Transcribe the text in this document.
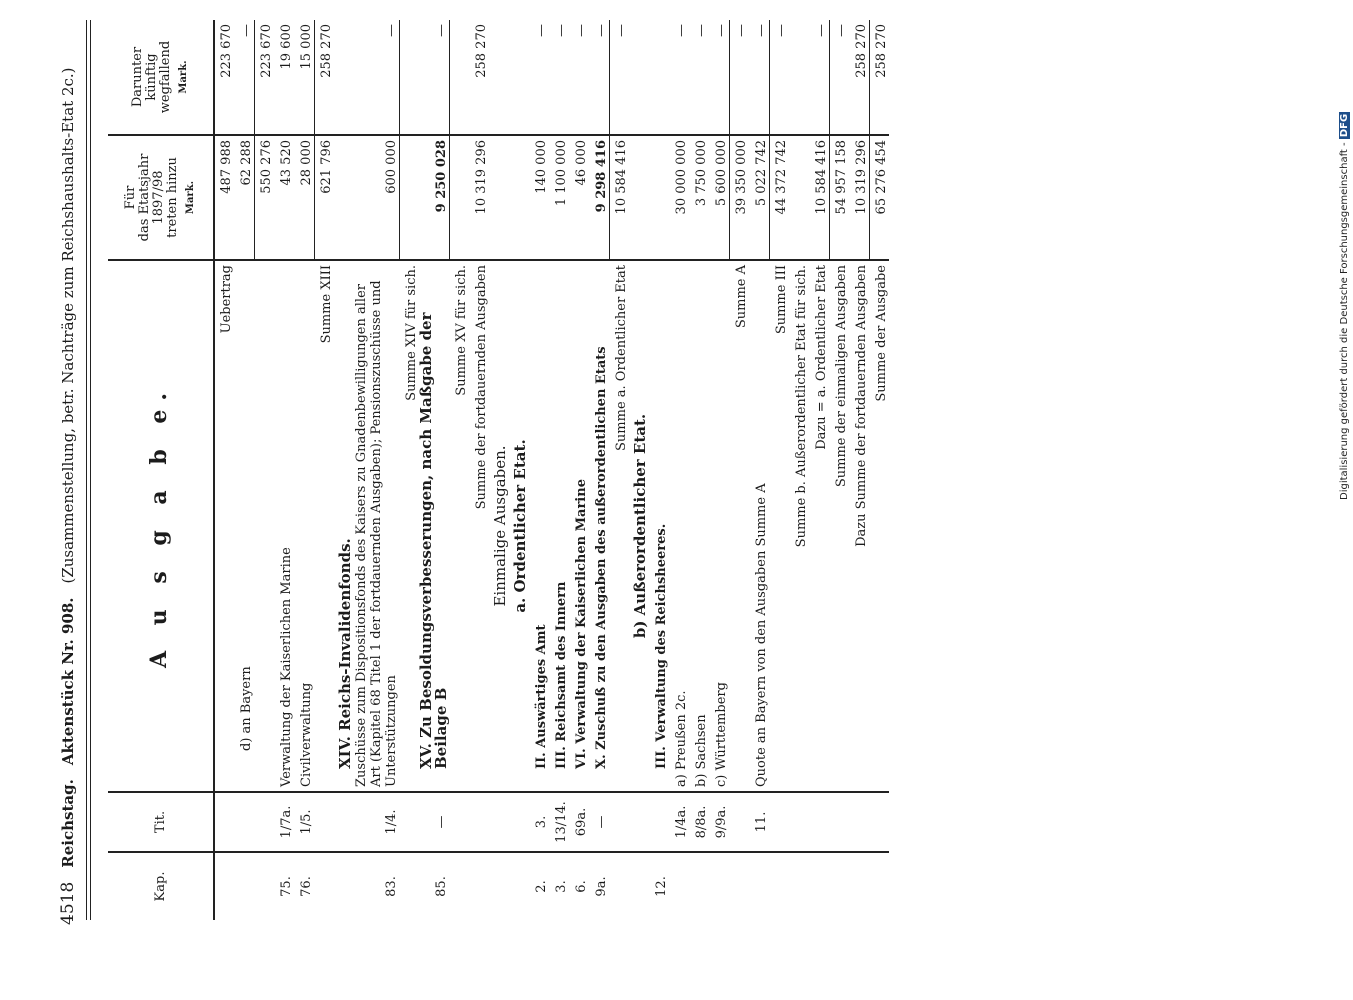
4518
Reichstag.
Aktenstück Nr. 908.
(Zusammenstellung, betr. Nachträge zum Reichshaushalts-Etat 2c.)
Kap.	Tit.	A u s g a b e.	Für
das Etatsjahr
1897/98
treten hinzu Mark.	Darunter
künftig
wegfallend Mark.

		Uebertrag	487 988	223 670
		d) an Bayern	62 288	—
			550 276	223 670
75.	1/7a.	Verwaltung der Kaiserlichen Marine	43 520	19 600
76.	1/5.	Civilverwaltung	28 000	15 000
		Summe XIII	621 796	258 270
		XIV. Reichs-Invalidenfonds.		
83.	1/4.	Zuschüsse zum Dispositionsfonds des Kaisers zu Gnadenbewilligungen aller Art (Kapitel 68 Titel 1 der fortdauernden Ausgaben); Pensionszuschüsse und Unterstützungen	600 000	—
		Summe XIV für sich.		
85.	—	XV. Zu Besoldungsverbesserungen, nach Maßgabe der Beilage B	9 250 028	—
		Summe XV für sich.		
		Summe der fortdauernden Ausgaben	10 319 296	258 270
		Einmalige Ausgaben.		
		a. Ordentlicher Etat.		
2.	3.	II. Auswärtiges Amt	140 000	—
3.	13/14.	III. Reichsamt des Innern	1 100 000	—
6.	69a.	VI. Verwaltung der Kaiserlichen Marine	46 000	—
9a.	—	X. Zuschuß zu den Ausgaben des außerordentlichen Etats	9 298 416	—
		Summe a. Ordentlicher Etat	10 584 416	—
		b) Außerordentlicher Etat.		
12.		III. Verwaltung des Reichsheeres.		
	1/4a.	a) Preußen 2c.	30 000 000	—
	8/8a.	b) Sachsen	3 750 000	—
	9/9a.	c) Württemberg	5 600 000	—
		Summe A	39 350 000	—
	11.	Quote an Bayern von den Ausgaben Summe A	5 022 742	—
		Summe III	44 372 742	—
		Summe b. Außerordentlicher Etat für sich.		
		Dazu = a. Ordentlicher Etat	10 584 416	—
		Summe der einmaligen Ausgaben	54 957 158	—
		Dazu Summe der fortdauernden Ausgaben	10 319 296	258 270
		Summe der Ausgabe	65 276 454	258 270
Digitalisierung gefördert durch die Deutsche Forschungsgemeinschaft - DFG
